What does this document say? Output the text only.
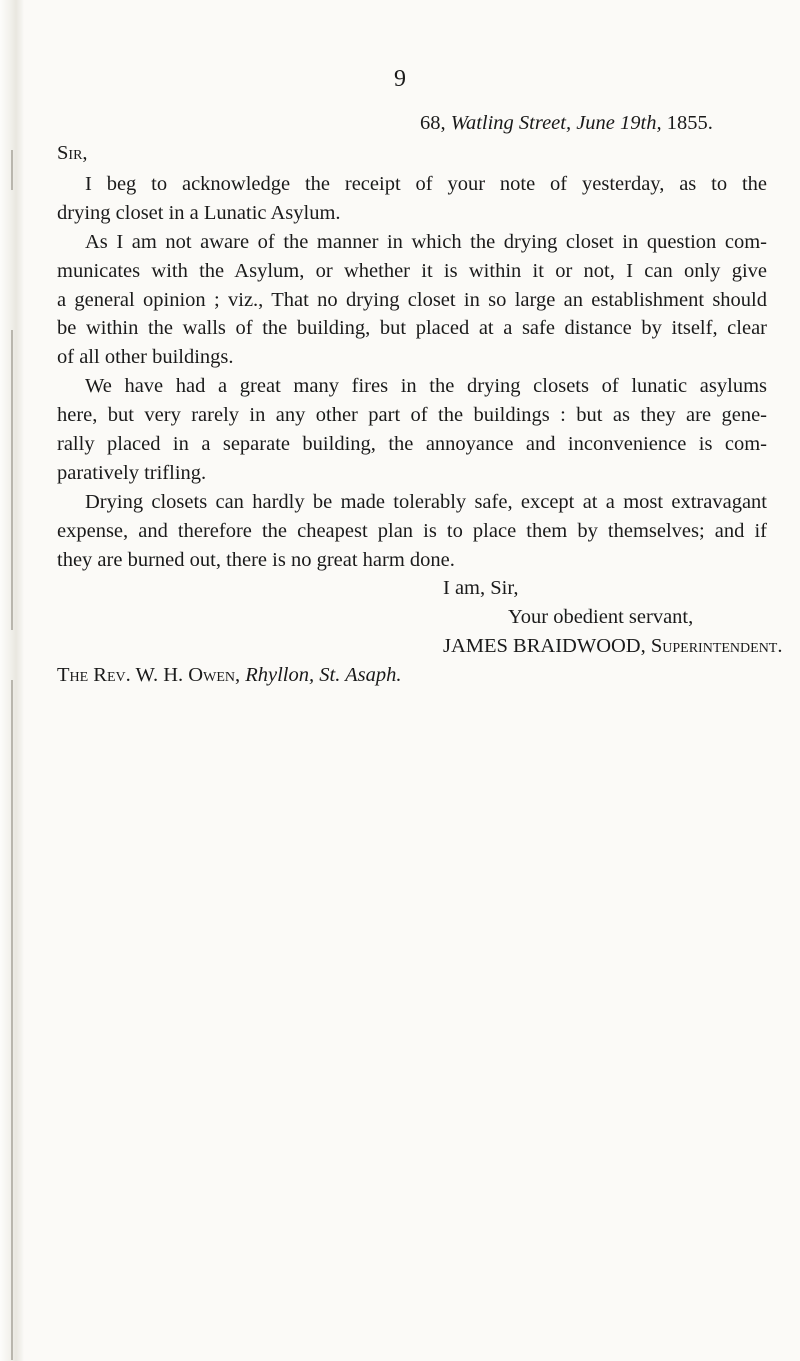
9
68, Watling Street, June 19th, 1855.
Sir,
I beg to acknowledge the receipt of your note of yesterday, as to the
drying closet in a Lunatic Asylum.
As I am not aware of the manner in which the drying closet in question com-
municates with the Asylum, or whether it is within it or not, I can only give
a general opinion ; viz., That no drying closet in so large an establishment should
be within the walls of the building, but placed at a safe distance by itself, clear
of all other buildings.
We have had a great many fires in the drying closets of lunatic asylums
here, but very rarely in any other part of the buildings : but as they are gene-
rally placed in a separate building, the annoyance and inconvenience is com-
paratively trifling.
Drying closets can hardly be made tolerably safe, except at a most extravagant
expense, and therefore the cheapest plan is to place them by themselves; and if
they are burned out, there is no great harm done.
I am, Sir,
Your obedient servant,
JAMES BRAIDWOOD, Superintendent.
The Rev. W. H. Owen, Rhyllon, St. Asaph.
